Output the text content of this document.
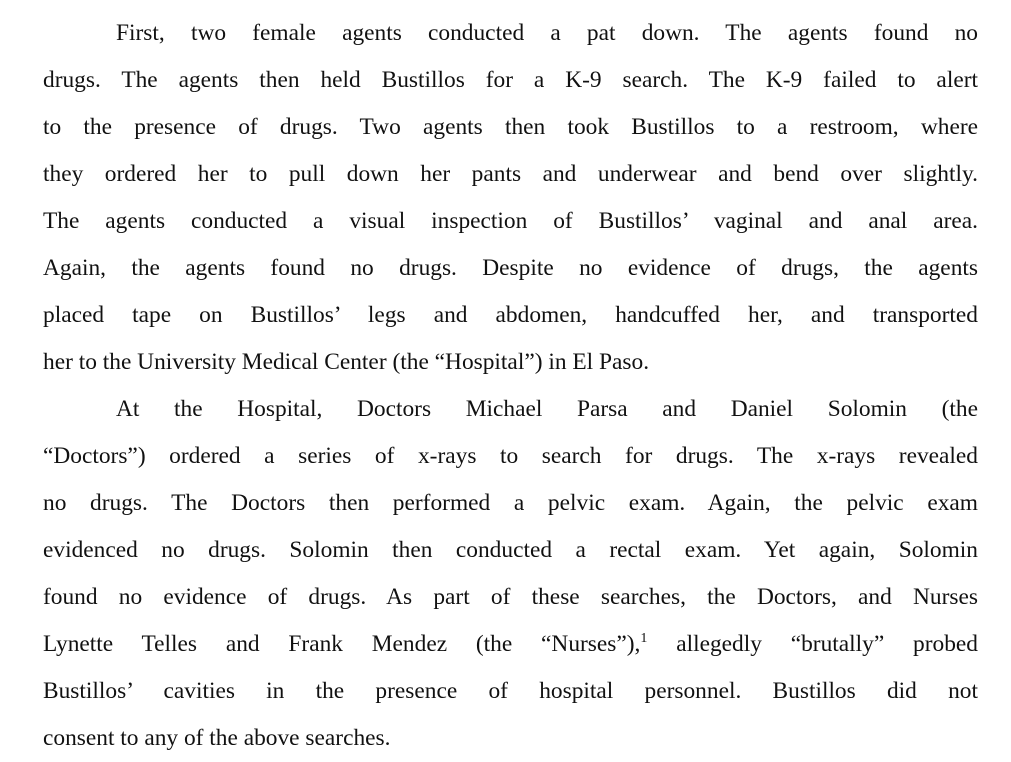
First, two female agents conducted a pat down. The agents found no
drugs. The agents then held Bustillos for a K-9 search. The K-9 failed to alert
to the presence of drugs. Two agents then took Bustillos to a restroom, where
they ordered her to pull down her pants and underwear and bend over slightly.
The agents conducted a visual inspection of Bustillos’ vaginal and anal area.
Again, the agents found no drugs. Despite no evidence of drugs, the agents
placed tape on Bustillos’ legs and abdomen, handcuffed her, and transported
her to the University Medical Center (the “Hospital”) in El Paso.

At the Hospital, Doctors Michael Parsa and Daniel Solomin (the
“Doctors”) ordered a series of x-rays to search for drugs. The x-rays revealed
no drugs. The Doctors then performed a pelvic exam. Again, the pelvic exam
evidenced no drugs. Solomin then conducted a rectal exam. Yet again, Solomin
found no evidence of drugs. As part of these searches, the Doctors, and Nurses
Lynette Telles and Frank Mendez (the “Nurses”),$^1$ allegedly “brutally” probed
Bustillos’ cavities in the presence of hospital personnel. Bustillos did not
consent to any of the above searches.
